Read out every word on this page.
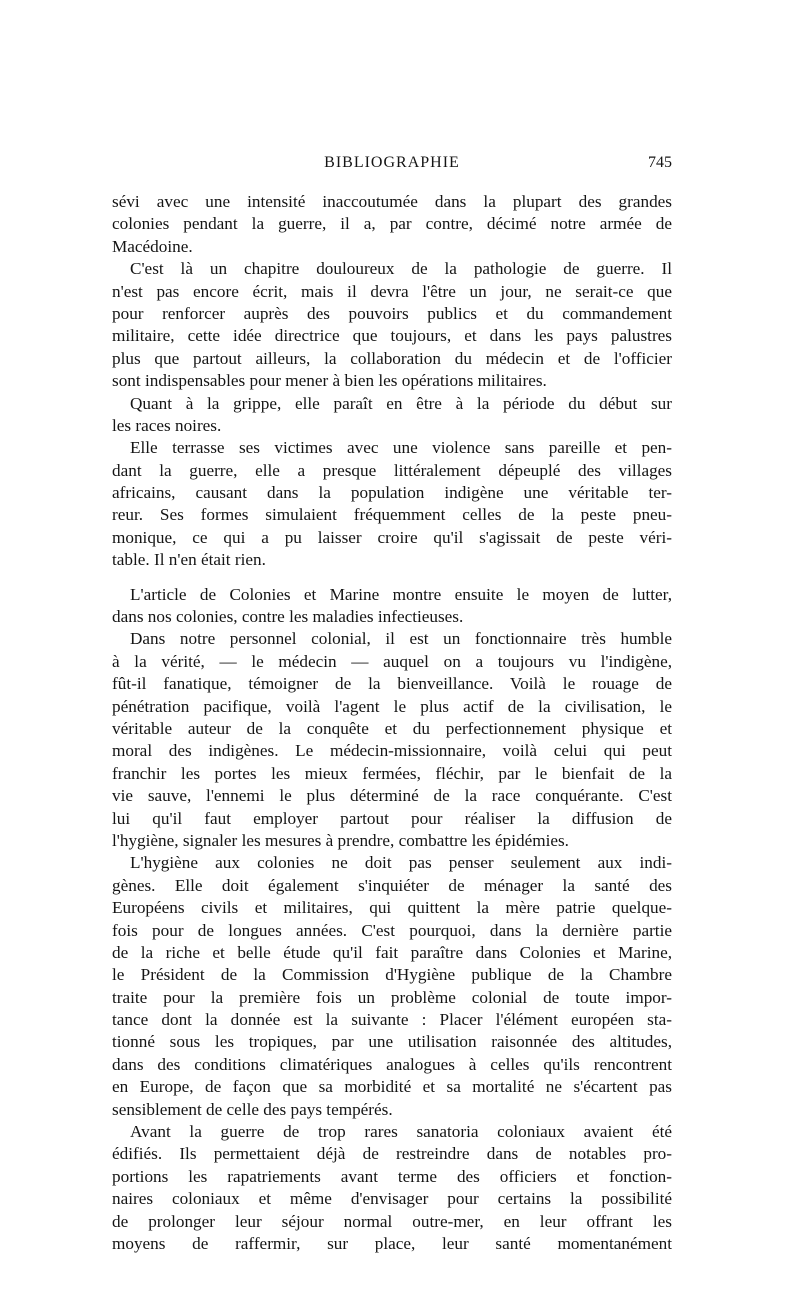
BIBLIOGRAPHIE	745
sévi avec une intensité inaccoutumée dans la plupart des grandes
colonies pendant la guerre, il a, par contre, décimé notre armée de
Macédoine.
C'est là un chapitre douloureux de la pathologie de guerre. Il
n'est pas encore écrit, mais il devra l'être un jour, ne serait-ce que
pour renforcer auprès des pouvoirs publics et du commandement
militaire, cette idée directrice que toujours, et dans les pays palustres
plus que partout ailleurs, la collaboration du médecin et de l'officier
sont indispensables pour mener à bien les opérations militaires.
Quant à la grippe, elle paraît en être à la période du début sur
les races noires.
Elle terrasse ses victimes avec une violence sans pareille et pen-
dant la guerre, elle a presque littéralement dépeuplé des villages
africains, causant dans la population indigène une véritable ter-
reur. Ses formes simulaient fréquemment celles de la peste pneu-
monique, ce qui a pu laisser croire qu'il s'agissait de peste véri-
table. Il n'en était rien.
L'article de Colonies et Marine montre ensuite le moyen de lutter,
dans nos colonies, contre les maladies infectieuses.
Dans notre personnel colonial, il est un fonctionnaire très humble
à la vérité, — le médecin — auquel on a toujours vu l'indigène,
fût-il fanatique, témoigner de la bienveillance. Voilà le rouage de
pénétration pacifique, voilà l'agent le plus actif de la civilisation, le
véritable auteur de la conquête et du perfectionnement physique et
moral des indigènes. Le médecin-missionnaire, voilà celui qui peut
franchir les portes les mieux fermées, fléchir, par le bienfait de la
vie sauve, l'ennemi le plus déterminé de la race conquérante. C'est
lui qu'il faut employer partout pour réaliser la diffusion de
l'hygiène, signaler les mesures à prendre, combattre les épidémies.
L'hygiène aux colonies ne doit pas penser seulement aux indi-
gènes. Elle doit également s'inquiéter de ménager la santé des
Européens civils et militaires, qui quittent la mère patrie quelque-
fois pour de longues années. C'est pourquoi, dans la dernière partie
de la riche et belle étude qu'il fait paraître dans Colonies et Marine,
le Président de la Commission d'Hygiène publique de la Chambre
traite pour la première fois un problème colonial de toute impor-
tance dont la donnée est la suivante : Placer l'élément européen sta-
tionné sous les tropiques, par une utilisation raisonnée des altitudes,
dans des conditions climatériques analogues à celles qu'ils rencontrent
en Europe, de façon que sa morbidité et sa mortalité ne s'écartent pas
sensiblement de celle des pays tempérés.
Avant la guerre de trop rares sanatoria coloniaux avaient été
édifiés. Ils permettaient déjà de restreindre dans de notables pro-
portions les rapatriements avant terme des officiers et fonction-
naires coloniaux et même d'envisager pour certains la possibilité
de prolonger leur séjour normal outre-mer, en leur offrant les
moyens de raffermir, sur place, leur santé momentanément
